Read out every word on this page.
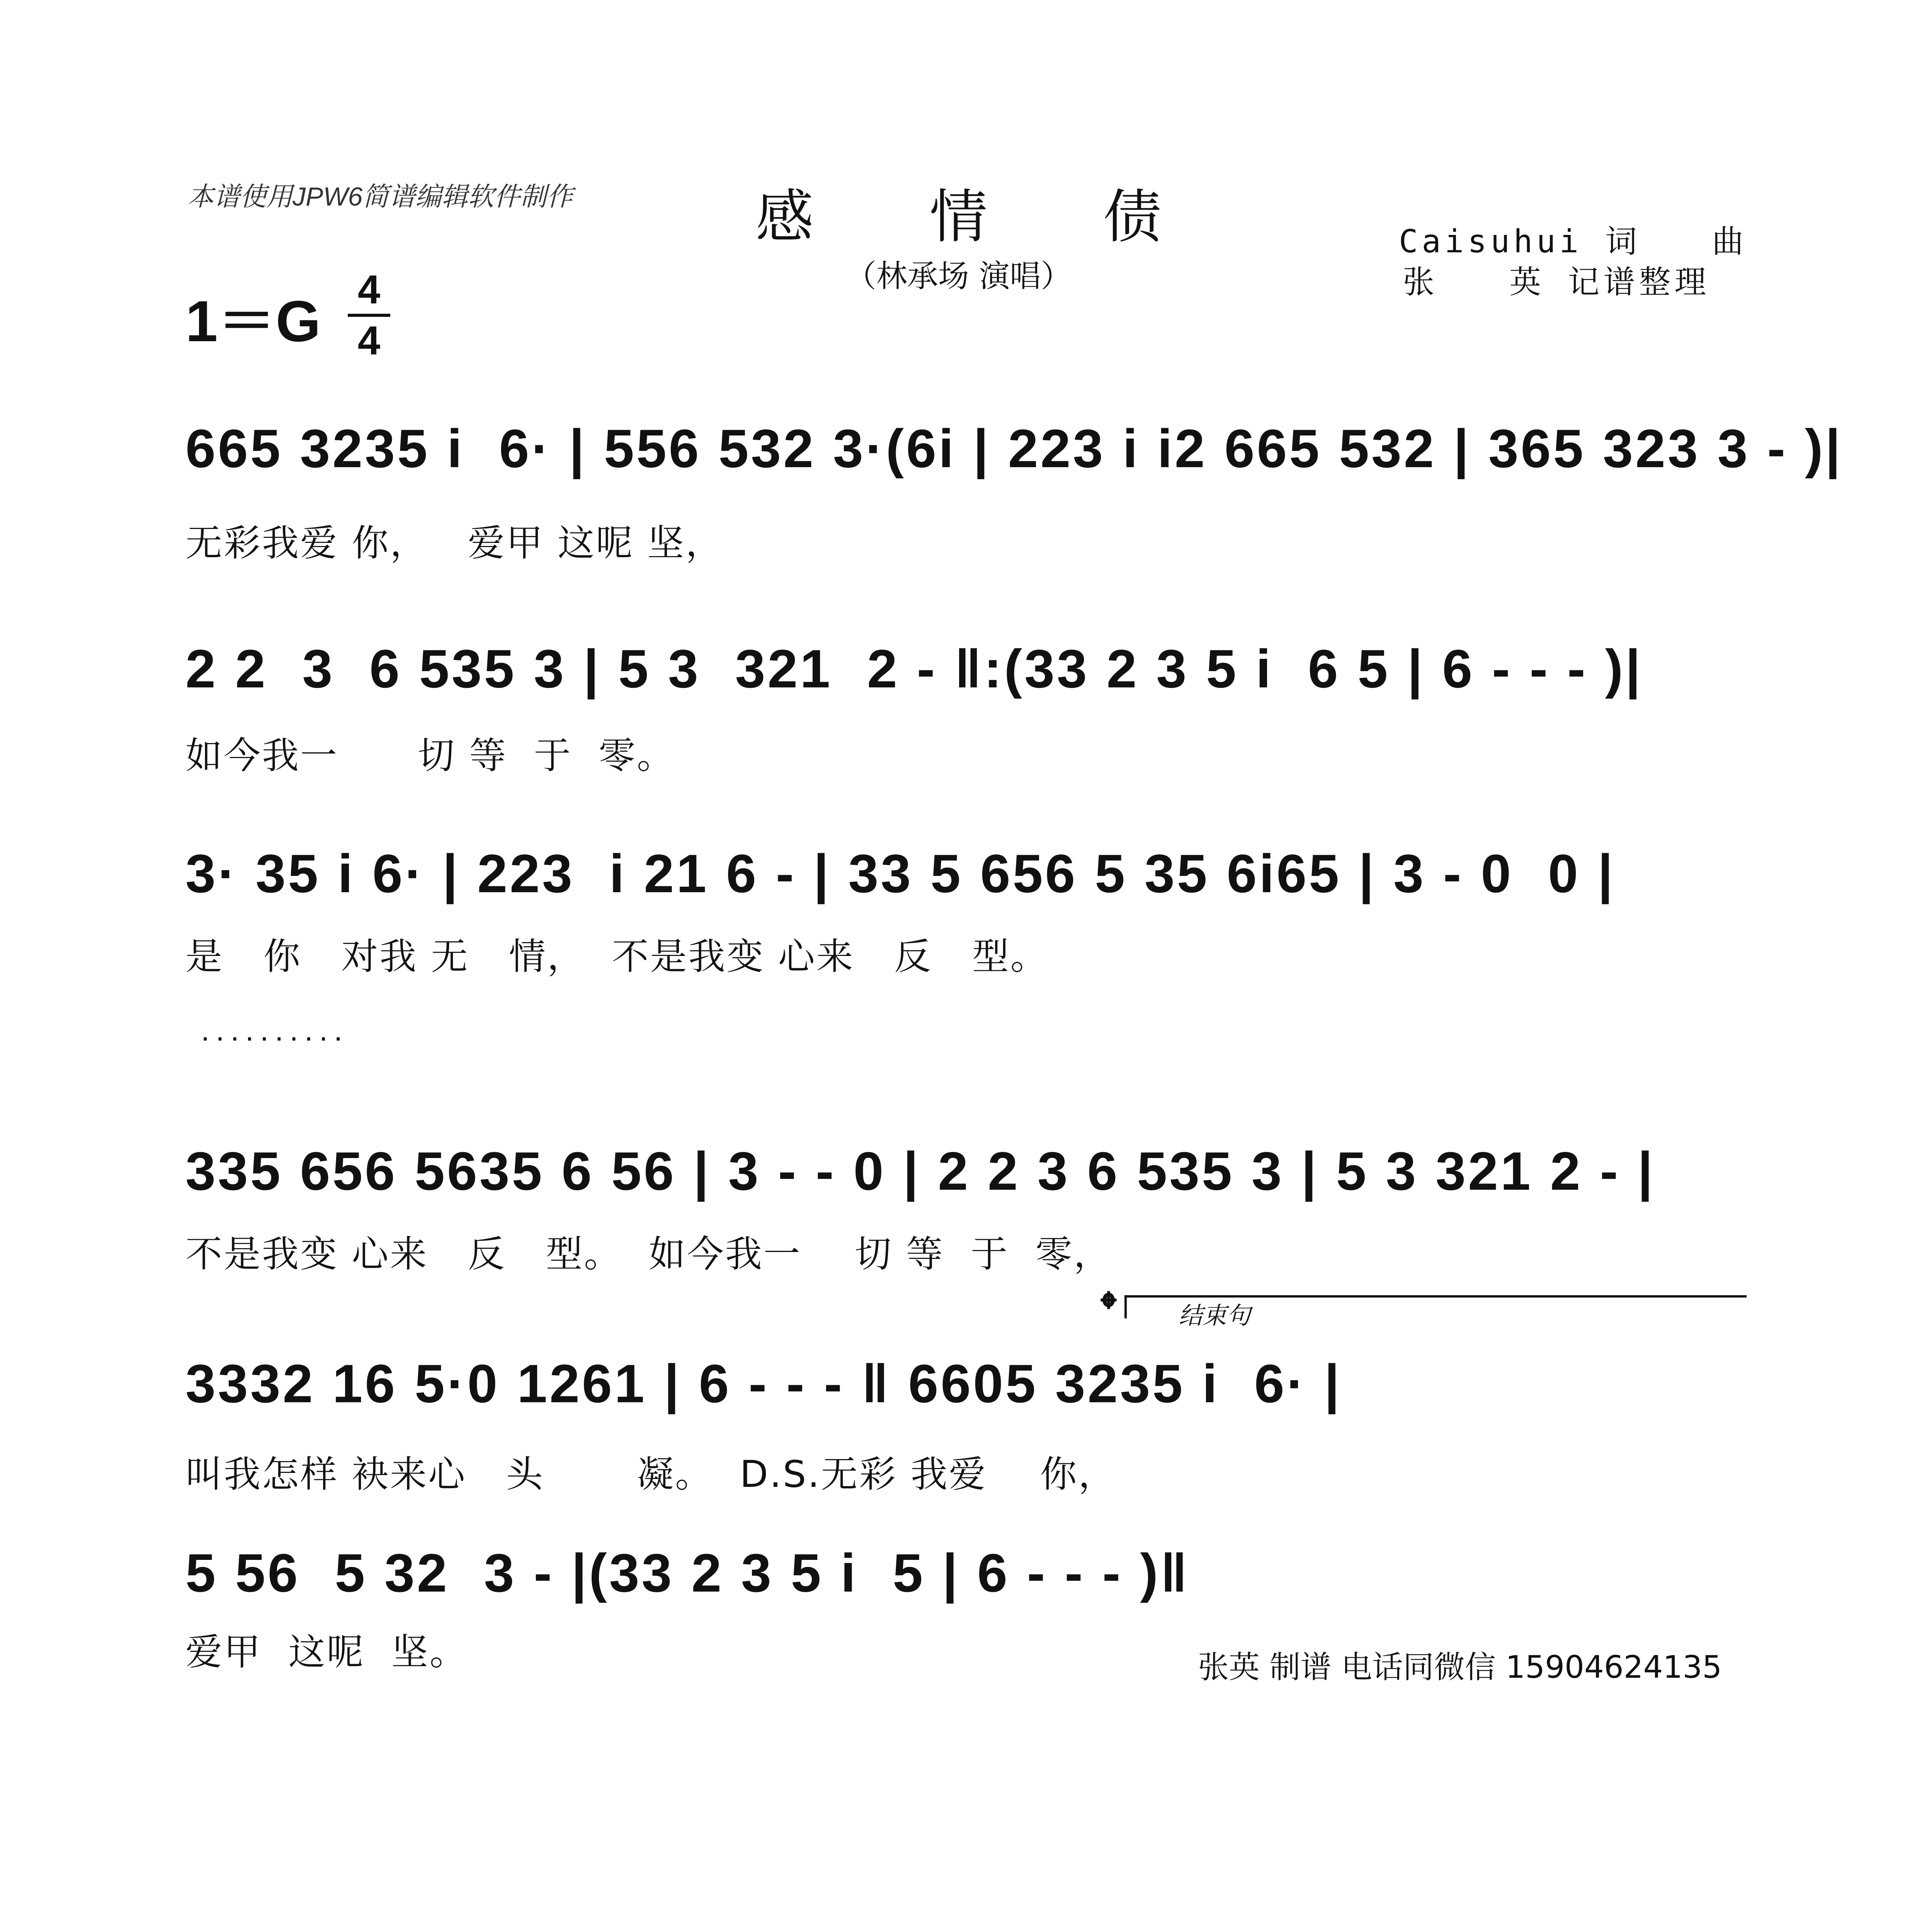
本谱使用JPW6简谱编辑软件制作	感情债
（林承场 演唱）
Caisuhui 词　　曲
张　　英 记谱整理
1＝G 4
4
665 3235 i  6· | 556 532 3·(6i | 223 i i2 665 532 | 365 323 3 - )|
无彩我爱 你，   爱甲 这呢 坚，
2 2  3  6 535 3 | 5 3  321  2 - ‖:(33 2 3 5 i  6 5 | 6 - - - )|
如今我一      切 等  于  零。
3· 35 i 6· | 223  i 21 6 - | 33 5 656 5 35 6i65 | 3 - 0  0 |
是   你   对我 无   情，  不是我变 心来   反   型。
..........
335 656 5635 6 56 | 3 - - 0 | 2 2 3 6 535 3 | 5 3 321 2 - |
不是我变 心来   反   型。  如今我一    切 等  于  零，
𝄌	结束句
3332 16 5·0 1261 | 6 - - - ‖ 6605 3235 i  6· |
叫我怎样 袂来心   头       凝。  D.S.无彩 我爱    你，
5 56  5 32  3 - |(33 2 3 5 i  5 | 6 - - - )‖
爱甲  这呢  坚。	张英 制谱 电话同微信 15904624135
